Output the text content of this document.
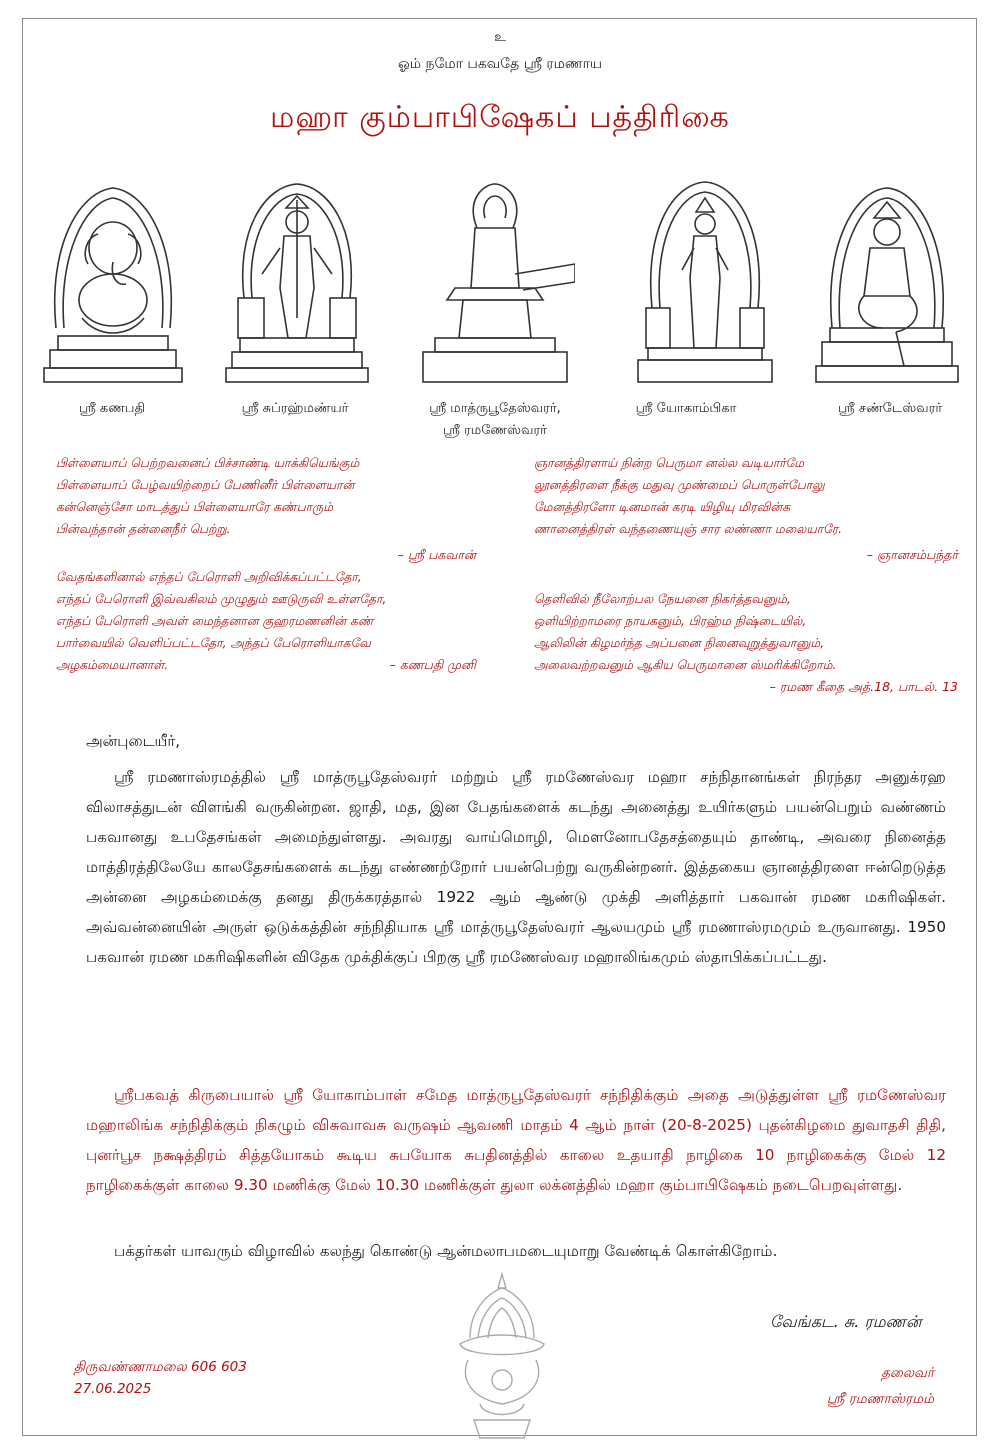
உ
ஓம் நமோ பகவதே ஸ்ரீ ரமணாய
மஹா கும்பாபிஷேகப் பத்திரிகை
ஸ்ரீ கணபதி	ஸ்ரீ சுப்ரஹ்மண்யர்	ஸ்ரீ மாத்ருபூதேஸ்வரர்,
ஸ்ரீ ரமணேஸ்வரர்
ஸ்ரீ யோகாம்பிகா	ஸ்ரீ சண்டேஸ்வரர்

பிள்ளையாப் பெற்றவனைப் பிச்சாண்டி யாக்கியெங்கும்

பிள்ளையாப் பேழ்வயிற்றைப் பேணினீர் பிள்ளையான்

கன்னெஞ்சோ மாடத்துப் பிள்ளையாரே கண்பாரும்

பின்வந்தான் தன்னைநீர் பெற்று.

– ஸ்ரீ பகவான்

ஞானத்திரளாய் நின்ற பெருமா னல்ல வடியார்மே

லூனத்திரளை நீக்கு மதுவு முண்மைப் பொருள்போலு

மேனத்திரளோ டினமான் கரடி யிழியு மிரவின்க

ணானைத்திரள் வந்தணையுஞ் சார லண்ணா மலையாரே.

– ஞானசம்பந்தர்

வேதங்களினால் எந்தப் பேரொளி அறிவிக்கப்பட்டதோ,

எந்தப் பேரொளி இவ்வகிலம் முழுதும் ஊடுருவி உள்ளதோ,

எந்தப் பேரொளி அவள் மைந்தனான குஹரமணனின் கண்

பார்வையில் வெளிப்பட்டதோ, அந்தப் பேரொளியாகவே

அழகம்மையானாள்.	– கணபதி முனி

தெளிவில் நீலோற்பல நேயனை நிகர்த்தவனும்,

ஒளியிற்றாமரை நாயகனும், பிரஹ்ம நிஷ்டையில்,

ஆலிலின் கிழமர்ந்த அப்பனை நினைவுறுத்துவானும்,

அலைவற்றவனும் ஆகிய பெருமானை ஸ்மரிக்கிறோம்.

– ரமண கீதை அத்.18, பாடல். 13

அன்புடையீர்,
ஸ்ரீ ரமணாஸ்ரமத்தில் ஸ்ரீ மாத்ருபூதேஸ்வரர் மற்றும் ஸ்ரீ ரமணேஸ்வர மஹா சந்நிதானங்கள் நிரந்தர அனுக்ரஹ விலாசத்துடன் விளங்கி வருகின்றன. ஜாதி, மத, இன பேதங்களைக் கடந்து அனைத்து உயிர்களும் பயன்பெறும் வண்ணம் பகவானது உபதேசங்கள் அமைந்துள்ளது. அவரது வாய்மொழி, மௌனோபதேசத்தையும் தாண்டி, அவரை நினைத்த மாத்திரத்திலேயே காலதேசங்களைக் கடந்து எண்ணற்றோர் பயன்பெற்று வருகின்றனர். இத்தகைய ஞானத்திரளை ஈன்றெடுத்த அன்னை அழகம்மைக்கு தனது திருக்கரத்தால் 1922 ஆம் ஆண்டு முக்தி அளித்தார் பகவான் ரமண மகரிஷிகள். அவ்வன்னையின் அருள் ஒடுக்கத்தின் சந்நிதியாக ஸ்ரீ மாத்ருபூதேஸ்வரர் ஆலயமும் ஸ்ரீ ரமணாஸ்ரமமும் உருவானது. 1950 பகவான் ரமண மகரிஷிகளின் விதேக முக்திக்குப் பிறகு ஸ்ரீ ரமணேஸ்வர மஹாலிங்கமும் ஸ்தாபிக்கப்பட்டது.
ஸ்ரீபகவத் கிருபையால் ஸ்ரீ யோகாம்பாள் சமேத மாத்ருபூதேஸ்வரர் சந்நிதிக்கும் அதை அடுத்துள்ள ஸ்ரீ ரமணேஸ்வர மஹாலிங்க சந்நிதிக்கும் நிகழும் விசுவாவசு வருஷம் ஆவணி மாதம் 4 ஆம் நாள் (20-8-2025) புதன்கிழமை துவாதசி திதி, புனர்பூச நக்ஷத்திரம் சித்தயோகம் கூடிய சுபயோக சுபதினத்தில் காலை உதயாதி நாழிகை 10 நாழிகைக்கு மேல் 12 நாழிகைக்குள் காலை 9.30 மணிக்கு மேல் 10.30 மணிக்குள் துலா லக்னத்தில் மஹா கும்பாபிஷேகம் நடைபெறவுள்ளது.
பக்தர்கள் யாவரும் விழாவில் கலந்து கொண்டு ஆன்மலாபமடையுமாறு வேண்டிக் கொள்கிறோம்.
திருவண்ணாமலை 606 603
27.06.2025
வேங்கட. சு. ரமணன்
தலைவர்
ஸ்ரீ ரமணாஸ்ரமம்
